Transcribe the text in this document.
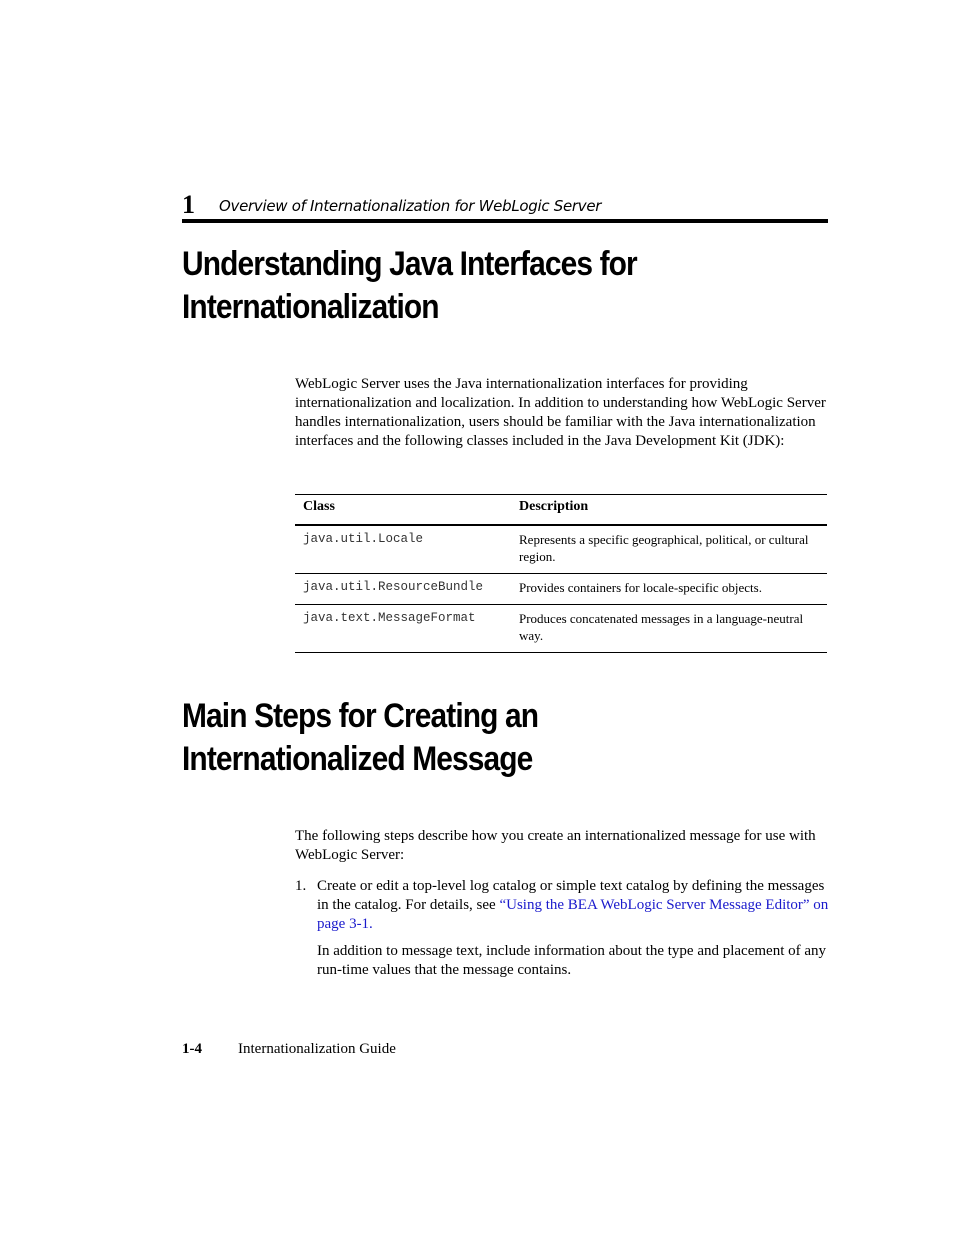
1 Overview of Internationalization for WebLogic Server
Understanding Java Interfaces for Internationalization

WebLogic Server uses the Java internationalization interfaces for providing internationalization and localization. In addition to understanding how WebLogic Server handles internationalization, users should be familiar with the Java internationalization interfaces and the following classes included in the Java Development Kit (JDK):

Class	Description
java.util.Locale	Represents a specific geographical, political, or cultural region.
java.util.ResourceBundle	Provides containers for locale-specific objects.
java.text.MessageFormat	Produces concatenated messages in a language-neutral way.
Main Steps for Creating an Internationalized Message

The following steps describe how you create an internationalized message for use with WebLogic Server:

1. Create or edit a top-level log catalog or simple text catalog by defining the messages in the catalog. For details, see “Using the BEA WebLogic Server Message Editor” on page 3-1.

In addition to message text, include information about the type and placement of any run-time values that the message contains.

1-4 Internationalization Guide
